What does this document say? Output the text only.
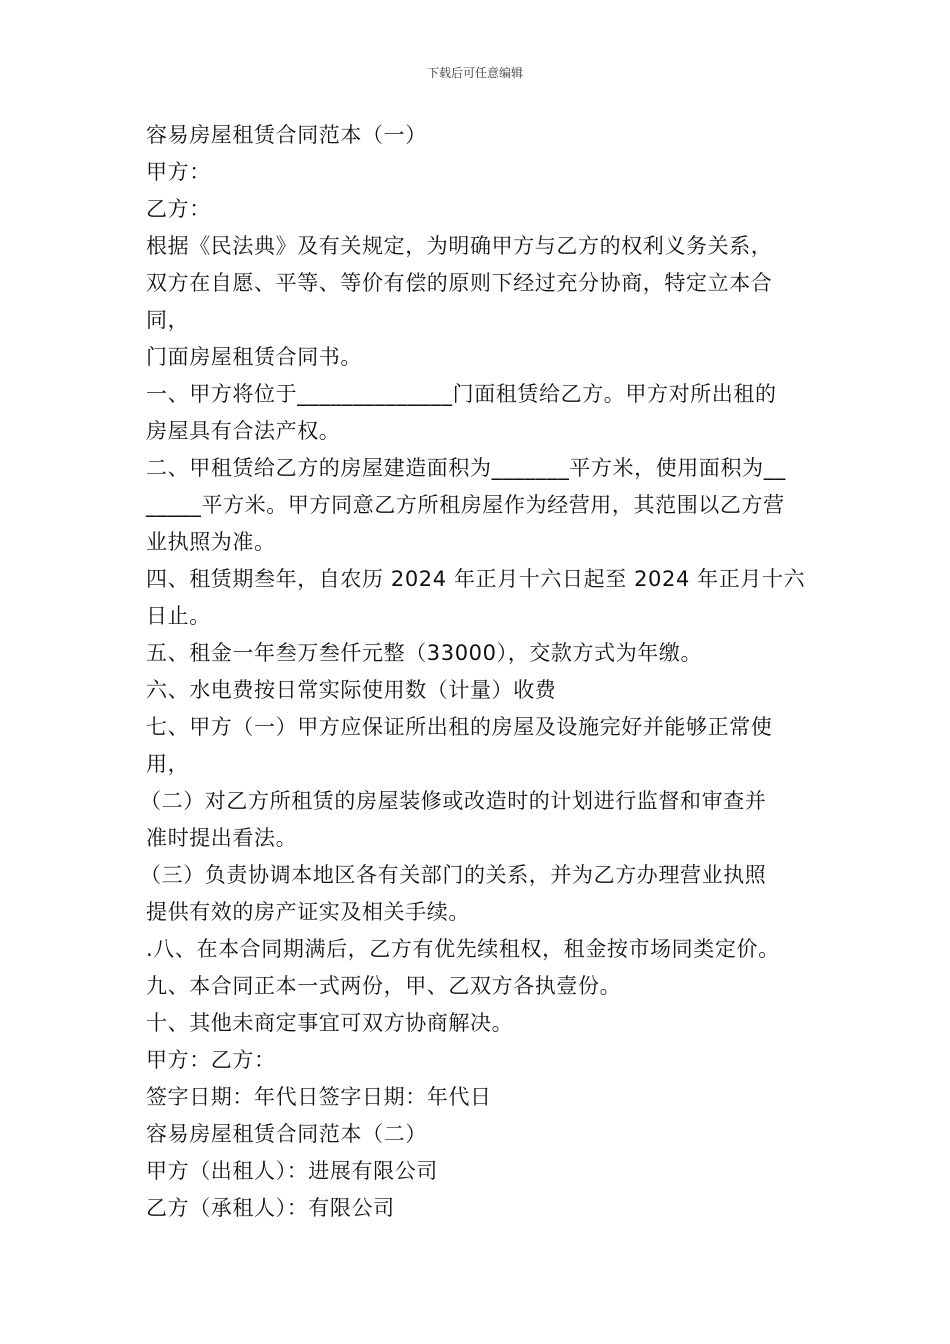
下载后可任意编辑

容易房屋租赁合同范本（一）

甲方：

乙方：

根据《民法典》及有关规定，为明确甲方与乙方的权利义务关系，

双方在自愿、平等、等价有偿的原则下经过充分协商，特定立本合

同，

门面房屋租赁合同书。

一、甲方将位于______________门面租赁给乙方。甲方对所出租的

房屋具有合法产权。

二、甲租赁给乙方的房屋建造面积为_______平方米，使用面积为__

_____平方米。甲方同意乙方所租房屋作为经营用，其范围以乙方营

业执照为准。

四、租赁期叁年，自农历 2024 年正月十六日起至 2024 年正月十六

日止。

五、租金一年叁万叁仟元整（33000），交款方式为年缴。

六、水电费按日常实际使用数（计量）收费

七、甲方（一）甲方应保证所出租的房屋及设施完好并能够正常使

用，

（二）对乙方所租赁的房屋装修或改造时的计划进行监督和审查并

准时提出看法。

（三）负责协调本地区各有关部门的关系，并为乙方办理营业执照

提供有效的房产证实及相关手续。

.八、在本合同期满后，乙方有优先续租权，租金按市场同类定价。

九、本合同正本一式两份，甲、乙双方各执壹份。

十、其他未商定事宜可双方协商解决。

甲方：乙方：

签字日期：年代日签字日期：年代日

容易房屋租赁合同范本（二）

甲方（出租人）：进展有限公司

乙方（承租人）：有限公司
